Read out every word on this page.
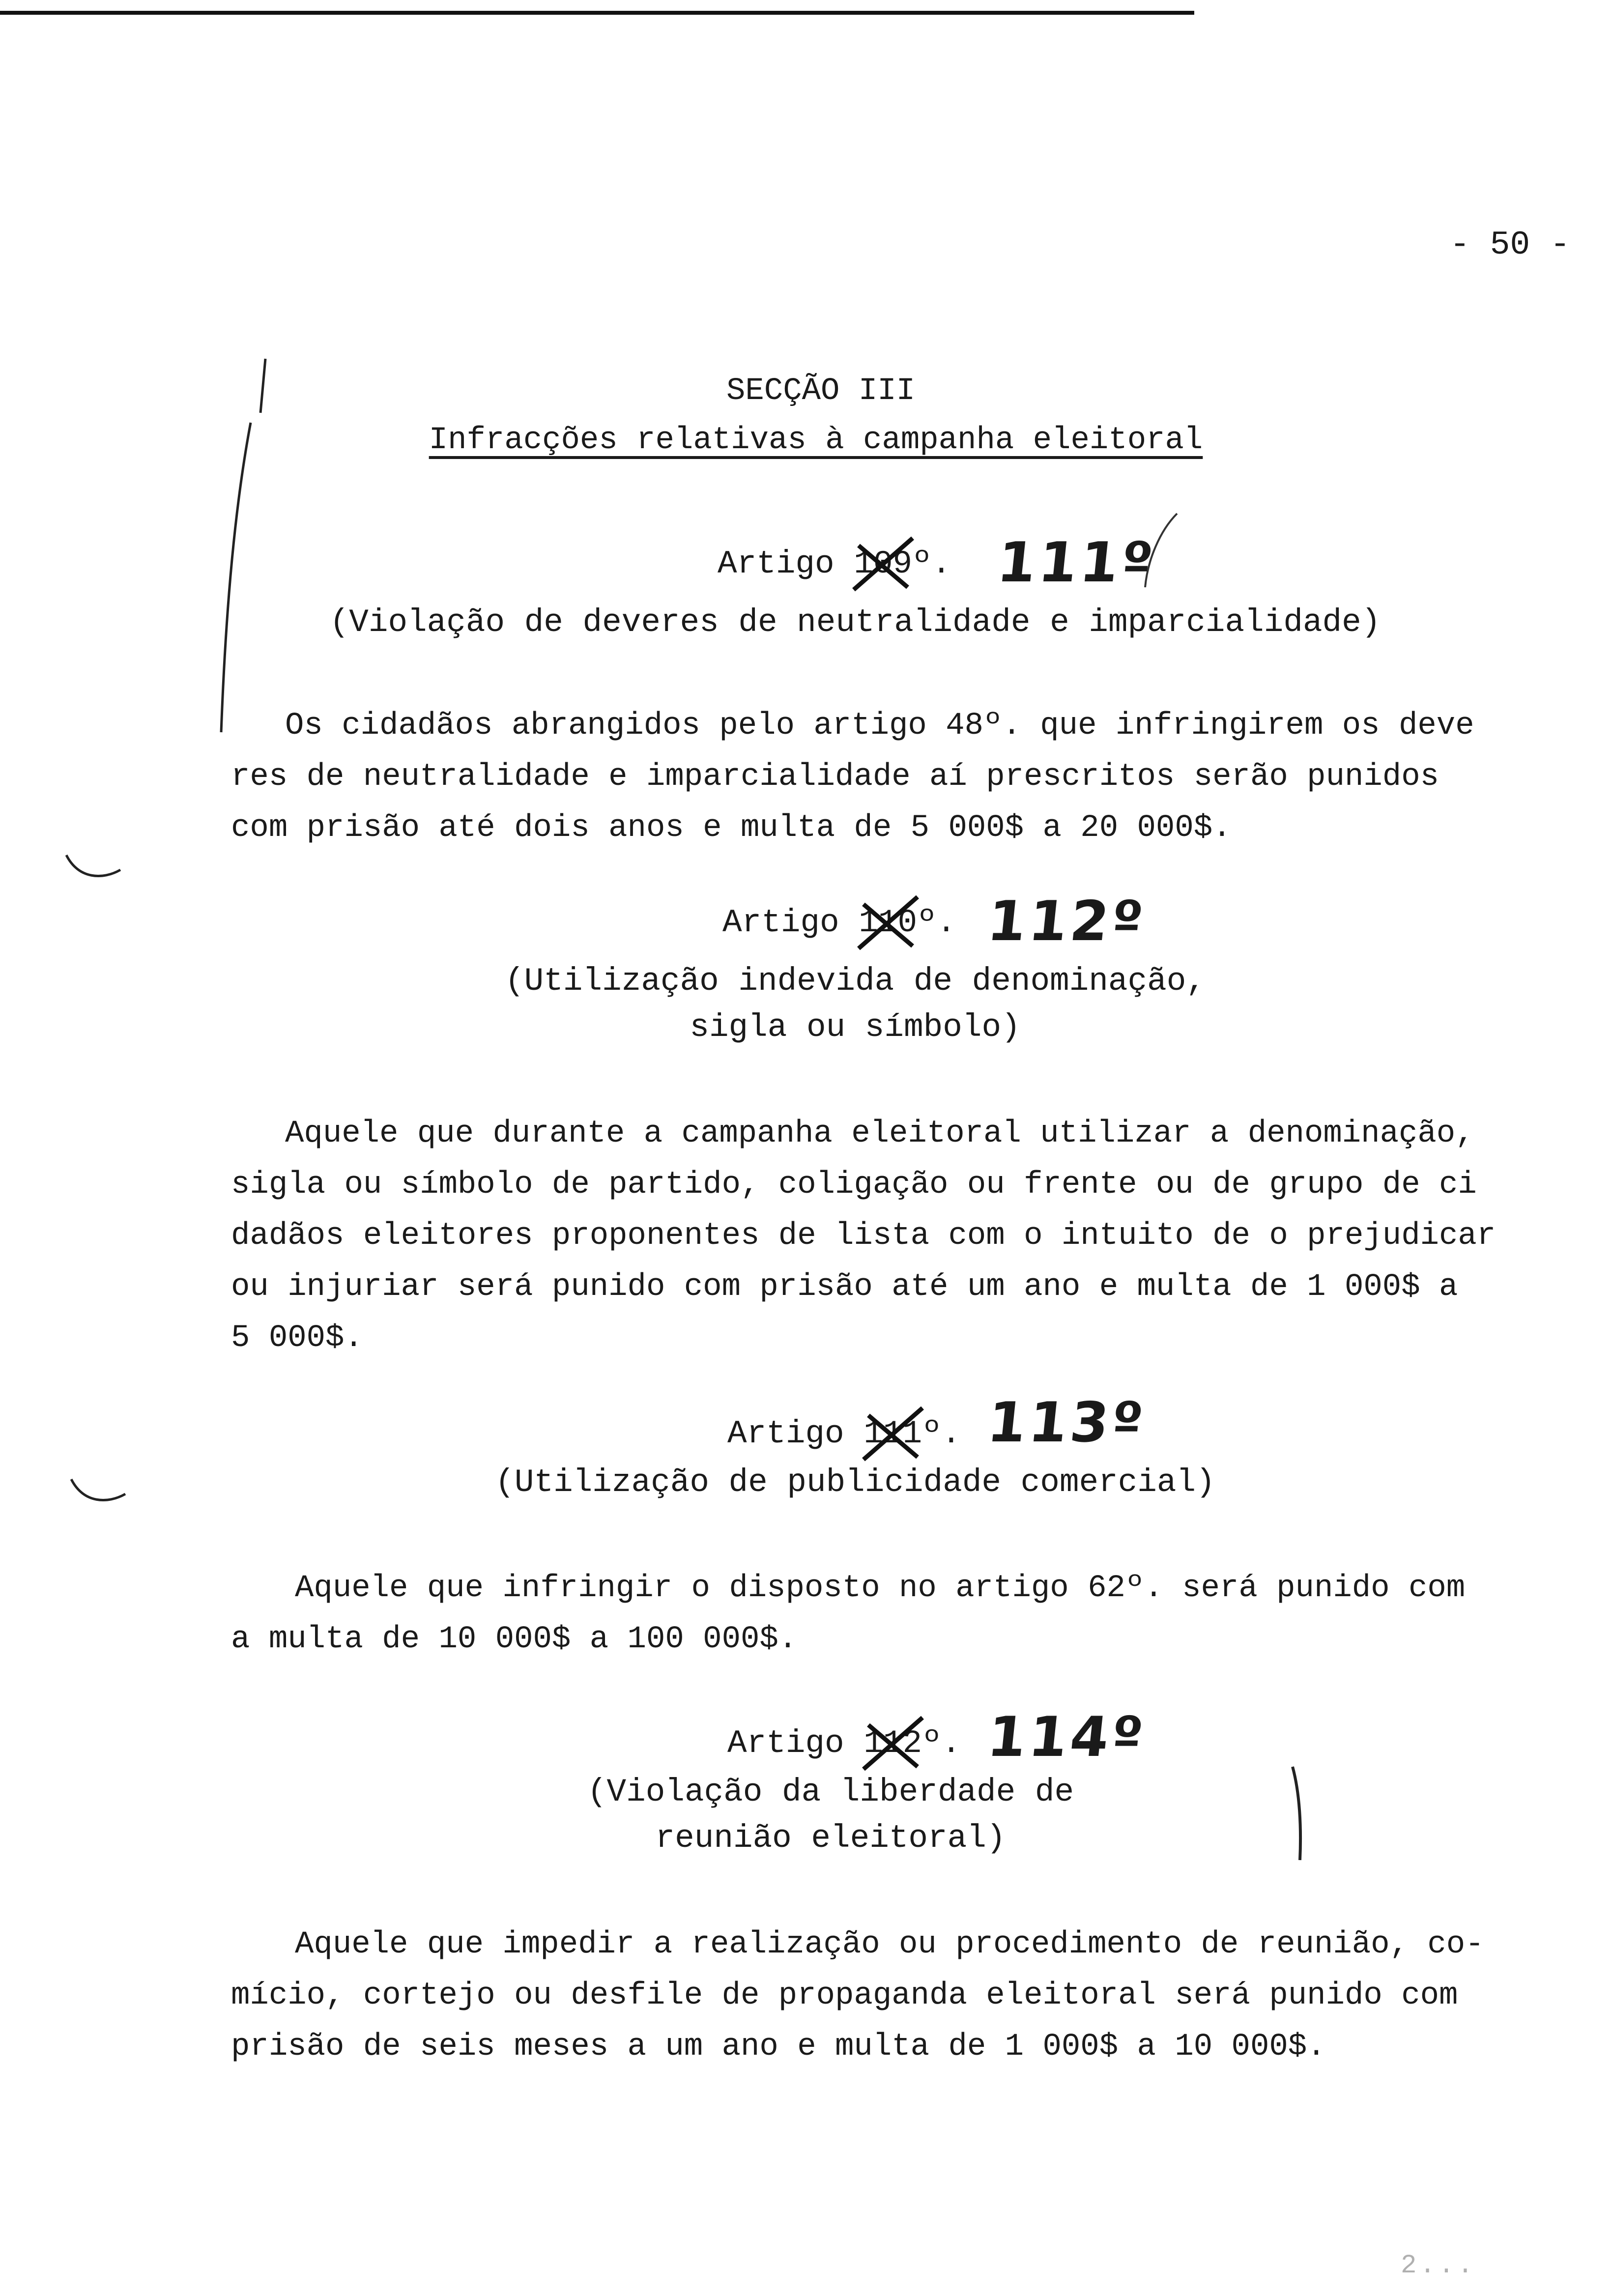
- 50 -
SECÇÃO III
Infracções relativas à campanha eleitoral
Artigo 109
º. 111º
(Violação de deveres de neutralidade e imparcialidade)

Os cidadãos abrangidos pelo artigo 48º. que infringirem os deve

res de neutralidade e imparcialidade aí prescritos serão punidos

com prisão até dois anos e multa de 5 000$ a 20 000$.

Artigo 110
º. 112º
(Utilização indevida de denominação,
sigla ou símbolo)

Aquele que durante a campanha eleitoral utilizar a denominação,

sigla ou símbolo de partido, coligação ou frente ou de grupo de ci

dadãos eleitores proponentes de lista com o intuito de o prejudicar

ou injuriar será punido com prisão até um ano e multa de 1 000$ a

5 000$.

Artigo 111
º. 113º
(Utilização de publicidade comercial)

Aquele que infringir o disposto no artigo 62º. será punido com

a multa de 10 000$ a 100 000$.

Artigo 112
º. 114º
(Violação da liberdade de
reunião eleitoral)

Aquele que impedir a realização ou procedimento de reunião, co-

mício, cortejo ou desfile de propaganda eleitoral será punido com

prisão de seis meses a um ano e multa de 1 000$ a 10 000$.

2...
